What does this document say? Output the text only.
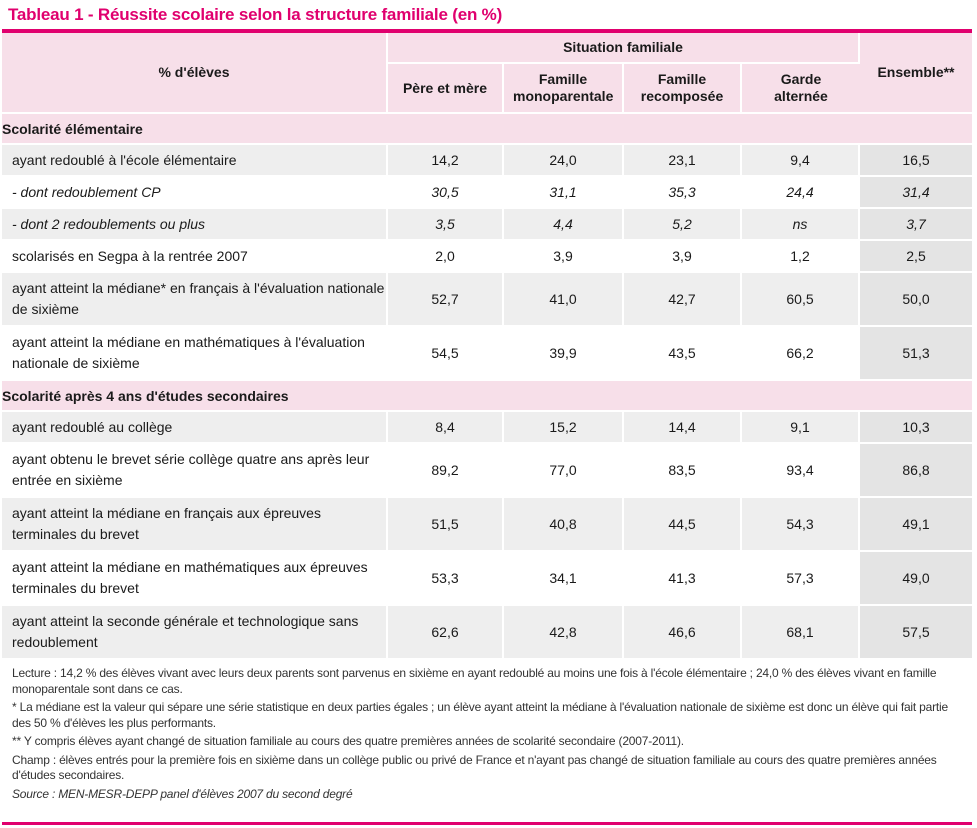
Tableau 1 - Réussite scolaire selon la structure familiale (en %)
% d'élèves	Situation familiale				Ensemble**
	Père et mère	Famille monoparentale	Famille recomposée	Garde alternée	
Scolarité élémentaire					
ayant redoublé à l'école élémentaire	14,2	24,0	23,1	9,4	16,5
- dont redoublement CP	30,5	31,1	35,3	24,4	31,4
- dont 2 redoublements ou plus	3,5	4,4	5,2	ns	3,7
scolarisés en Segpa à la rentrée 2007	2,0	3,9	3,9	1,2	2,5
ayant atteint la médiane* en français à l'évaluation nationale de sixième	52,7	41,0	42,7	60,5	50,0
ayant atteint la médiane en mathématiques à l'évaluation nationale de sixième	54,5	39,9	43,5	66,2	51,3
Scolarité après 4 ans d'études secondaires					
ayant redoublé au collège	8,4	15,2	14,4	9,1	10,3
ayant obtenu le brevet série collège quatre ans après leur entrée en sixième	89,2	77,0	83,5	93,4	86,8
ayant atteint la médiane en français aux épreuves terminales du brevet	51,5	40,8	44,5	54,3	49,1
ayant atteint la médiane en mathématiques aux épreuves terminales du brevet	53,3	34,1	41,3	57,3	49,0
ayant atteint la seconde générale et technologique sans redoublement	62,6	42,8	46,6	68,1	57,5

Lecture : 14,2 % des élèves vivant avec leurs deux parents sont parvenus en sixième en ayant redoublé au moins une fois à l'école élémentaire ; 24,0 % des élèves vivant en famille monoparentale sont dans ce cas.

* La médiane est la valeur qui sépare une série statistique en deux parties égales ; un élève ayant atteint la médiane à l'évaluation nationale de sixième est donc un élève qui fait partie des 50 % d'élèves les plus performants.

** Y compris élèves ayant changé de situation familiale au cours des quatre premières années de scolarité secondaire (2007-2011).

Champ : élèves entrés pour la première fois en sixième dans un collège public ou privé de France et n'ayant pas changé de situation familiale au cours des quatre premières années d'études secondaires.

Source : MEN-MESR-DEPP panel d'élèves 2007 du second degré
